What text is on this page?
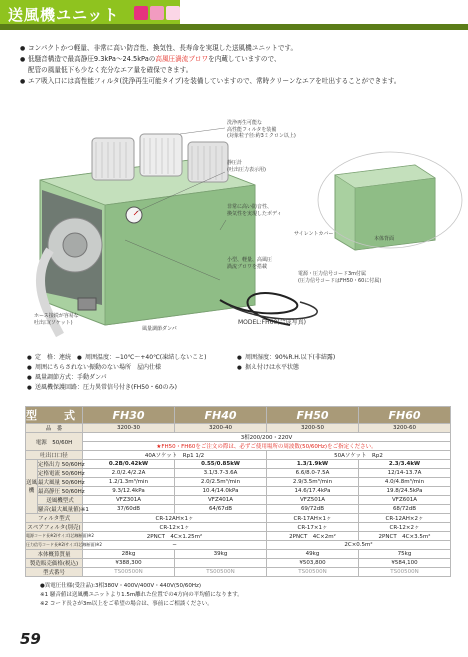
送風機ユニット
● コンパクトかつ軽量、非常に高い防音性、換気性、長寿命を実現した送風機ユニットです。
● 低騒音構造で最高静圧9.3kPa〜24.5kPaの高風圧渦流ブロワを内蔵していますので、
配管の風量低下も少なく充分なエア量を確保できます。
● エア吸入口には高性能フィルタ(洗浄再生可能タイプ)を装備していますので、常時クリーンなエアを吐出することができます。
洗浄再生可能な
高性能フィルタを装備
(対象粒子径:約3ミクロン以上)
静圧計
(吐出圧力表示用)
非常に高い防音性、
換気性を実現したボディ
サイレントカバー
本体背面
小型、軽量、高風圧
渦流ブロワを搭載
電源・圧力信号コード3m付属
(圧力信号コードはFH50・60に付属)
ホース接続が容易な
吐出口(ソケット)
風量調節ダンパ
MODEL:FH60(合成写真)
● 定　格：連続	● 周囲温度：−10℃〜+40℃(凍結しないこと)	● 周囲湿度：90%R.H.以下(非結露)
● 周囲にちらされない振動のない場所　屋内仕様	● 据え付けは水平状態
● 風量調節方式：手動ダンパ
● 送風機保護回路：圧力異常信号付き(FH50・60のみ)
型　式		FH30	FH40	FH50	FH60
品　番		3200-30	3200-40	3200-50	3200-60
電源　50/60H		3相200/200・220V			
		★FH50・FH60をご注文の際は、必ずご使用場所の周波数(50/60Hz)をご指定ください。			
吐出口口径		40Aソケット　Rp1 1/2		50Aソケット　Rp2	
送風機	定格出力 50/60Hz	0.2B/0.42kW	0.55/0.85kW	1.3/1.9kW	2.3/3.4kW
	定格電流 50/60Hz	2.0/2.4/2.2A	3.1/3.7-3.6A	6.6/8.0-7.5A	12/14-13.7A
	最大風量 50/60Hz	1.2/1.3m³/min	2.0/2.5m³/min	2.9/3.5m³/min	4.0/4.8m³/min
	最高静圧 50/60Hz	9.3/12.4kPa	10.4/14.0kPa	14.6/17.4kPa	19.8/24.5kPa
	送風機型式	VFZ301A	VFZ401A	VFZ501A	VFZ601A
	騒音(最大風量値)※1	37/60dB	64/67dB	69/72dB	68/72dB
フィルタ型式		CR-12AH×1ヶ		CR-17AH×1ヶ	CR-12AH×2ヶ
スペアフィルタ(別売)		CR-12×1ヶ		CR-17×1ヶ	CR-12×2ヶ
電源コード長※2/サイズ(芯線断面)※2		2PNCT　4C×1.25m²		2PNCT　4C×2m²	2PNCT　4C×3.5m²
圧力信号コード長※2/サイズ(芯線断面)※2		−		2C×0.5m²	
本体概算質量		28kg	39kg	49kg	75kg
製造販売価格(税込)		¥388,300		¥503,800	¥584,100
型式番号		TS00500N	TS00500N	TS00500N	TS00500N
●異電圧仕様(受注品):3相380V・400V/400V・440V(50/60Hz)
※1 騒音値は送風機ユニットより1.5m離れた位置での4方向の平均値になります。
※2 コード長さが3m以上をご希望の場合は、事前にご相談ください。
59
